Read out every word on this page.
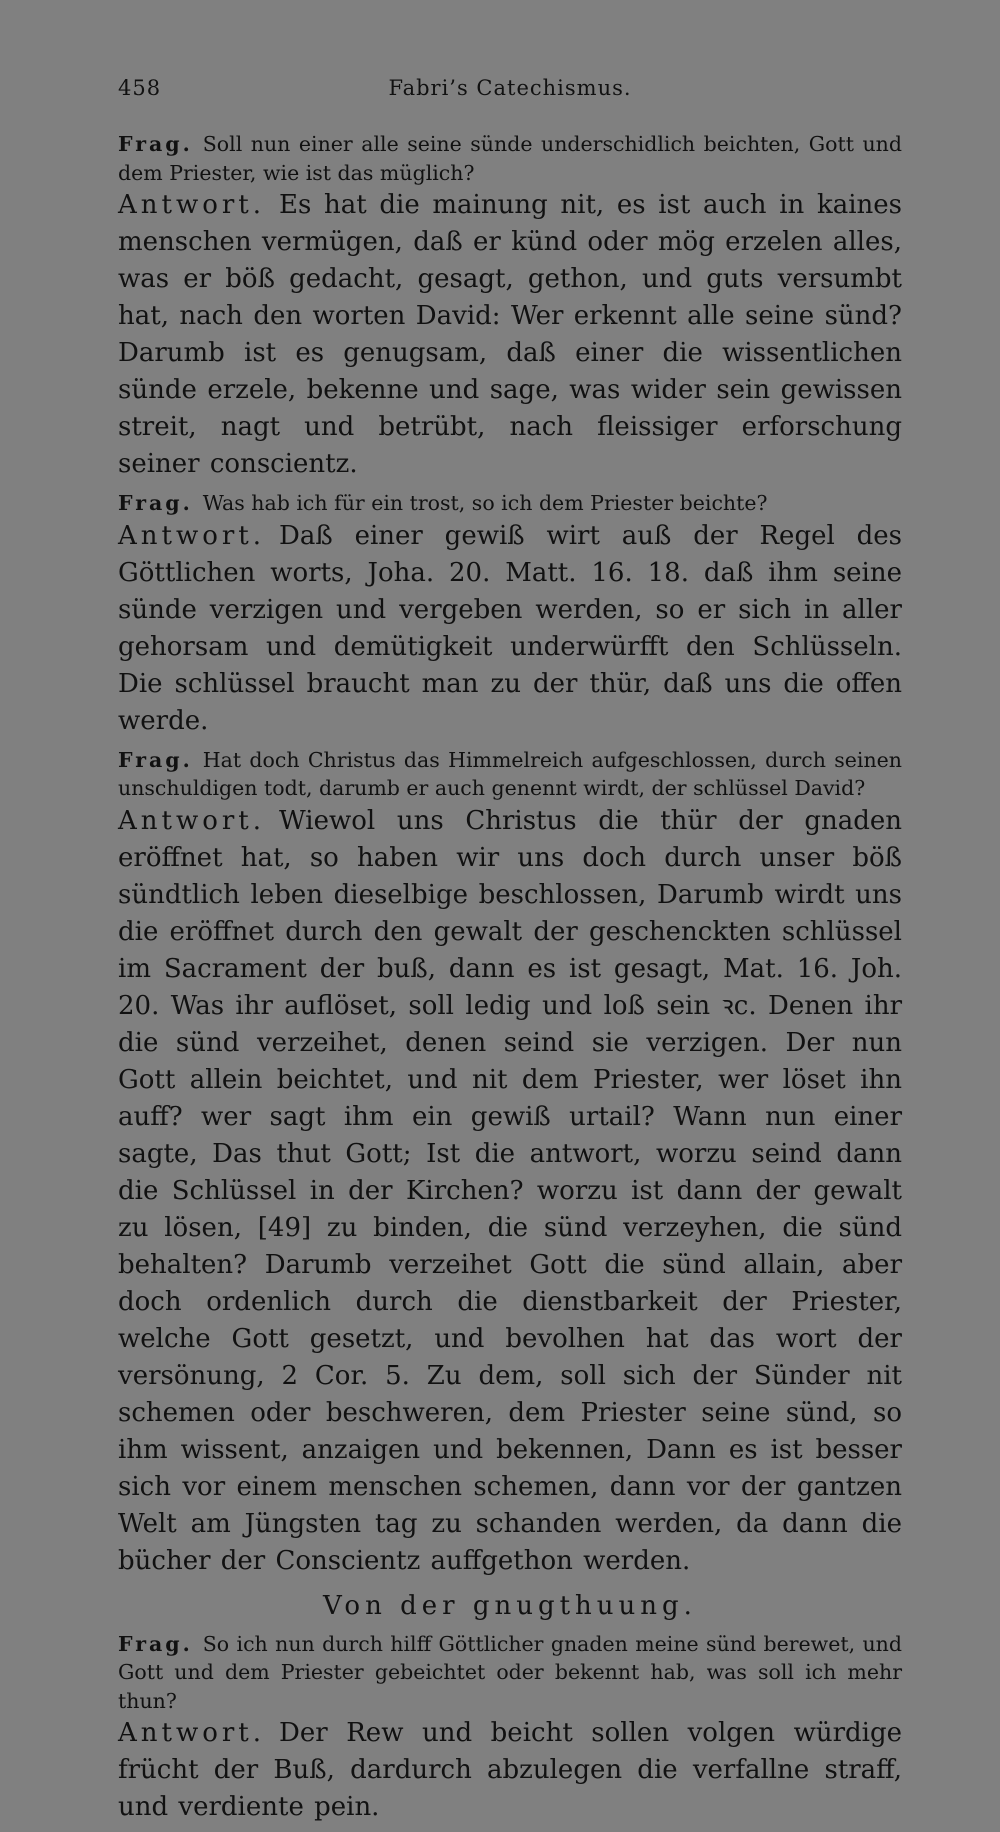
458	Fabri’s Catechismus.

Frag. Soll nun einer alle seine sünde underschidlich beichten, Gott und dem Priester, wie ist das müglich?

Antwort. Es hat die mainung nit, es ist auch in kaines menschen vermügen, daß er künd oder mög erzelen alles, was er böß gedacht, gesagt, gethon, und guts versumbt hat, nach den worten David: Wer erkennt alle seine sünd? Darumb ist es genugsam, daß einer die wissentlichen sünde erzele, bekenne und sage, was wider sein gewissen streit, nagt und betrübt, nach fleissiger erforschung seiner conscientz.

Frag. Was hab ich für ein trost, so ich dem Priester beichte?

Antwort. Daß einer gewiß wirt auß der Regel des Göttlichen worts, Joha. 20. Matt. 16. 18. daß ihm seine sünde verzigen und vergeben werden, so er sich in aller gehorsam und demütigkeit underwürfft den Schlüsseln. Die schlüssel braucht man zu der thür, daß uns die offen werde.

Frag. Hat doch Christus das Himmelreich aufgeschlossen, durch seinen unschuldigen todt, darumb er auch genennt wirdt, der schlüssel David?

Antwort. Wiewol uns Christus die thür der gnaden eröffnet hat, so haben wir uns doch durch unser böß sündtlich leben dieselbige beschlossen, Darumb wirdt uns die eröffnet durch den gewalt der geschenckten schlüssel im Sacrament der buß, dann es ist gesagt, Mat. 16. Joh. 20. Was ihr auflöset, soll ledig und loß sein ꝛc. Denen ihr die sünd verzeihet, denen seind sie verzigen. Der nun Gott allein beichtet, und nit dem Priester, wer löset ihn auff? wer sagt ihm ein gewiß urtail? Wann nun einer sagte, Das thut Gott; Ist die antwort, worzu seind dann die Schlüssel in der Kirchen? worzu ist dann der gewalt zu lösen, [49] zu binden, die sünd verzeyhen, die sünd behalten? Darumb verzeihet Gott die sünd allain, aber doch ordenlich durch die dienstbarkeit der Priester, welche Gott gesetzt, und bevolhen hat das wort der versönung, 2 Cor. 5. Zu dem, soll sich der Sünder nit schemen oder beschweren, dem Priester seine sünd, so ihm wissent, anzaigen und bekennen, Dann es ist besser sich vor einem menschen schemen, dann vor der gantzen Welt am Jüngsten tag zu schanden werden, da dann die bücher der Conscientz auffgethon werden.

Von der gnugthuung.

Frag. So ich nun durch hilff Göttlicher gnaden meine sünd berewet, und Gott und dem Priester gebeichtet oder bekennt hab, was soll ich mehr thun?

Antwort. Der Rew und beicht sollen volgen würdige frücht der Buß, dardurch abzulegen die verfallne straff, und verdiente pein.
